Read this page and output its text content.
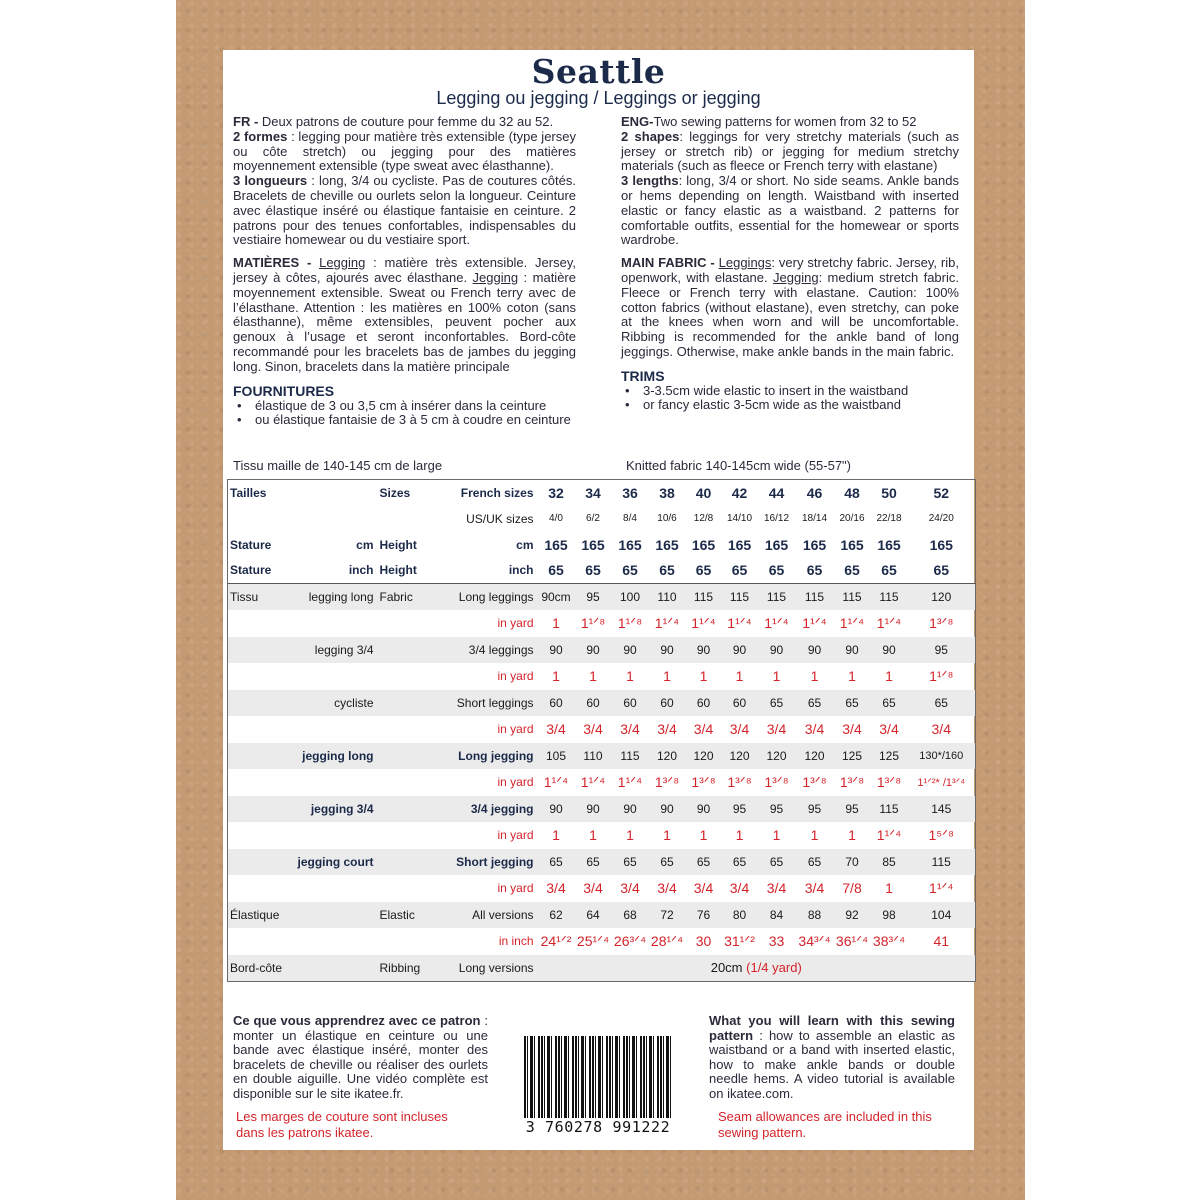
Seattle
Legging ou jegging / Leggings or jegging

FR - Deux patrons de couture pour femme du 32 au 52.
2 formes : legging pour matière très extensible (type jersey ou côte stretch) ou jegging pour des matières moyennement extensible (type sweat avec élasthanne).
3 longueurs : long, 3/4 ou cycliste. Pas de coutures côtés. Bracelets de cheville ou ourlets selon la longueur. Ceinture avec élastique inséré ou élastique fantaisie en ceinture. 2 patrons pour des tenues confortables, indispensables du vestiaire homewear ou du vestiaire sport.

MATIÈRES - Legging : matière très extensible. Jersey, jersey à côtes, ajourés avec élasthane. Jegging : matière moyennement extensible. Sweat ou French terry avec de l’élasthane. Attention : les matières en 100% coton (sans élasthanne), même extensibles, peuvent pocher aux genoux à l’usage et seront inconfortables. Bord-côte recommandé pour les bracelets bas de jambes du jegging long. Sinon, bracelets dans la matière principale

FOURNITURES
• élastique de 3 ou 3,5 cm à insérer dans la ceinture
• ou élastique fantaisie de 3 à 5 cm à coudre en ceinture

ENG-Two sewing patterns for women from 32 to 52
2 shapes: leggings for very stretchy materials (such as jersey or stretch rib) or jegging for medium stretchy materials (such as fleece or French terry with elastane)
3 lengths: long, 3/4 or short. No side seams. Ankle bands or hems depending on length. Waistband with inserted elastic or fancy elastic as a waistband. 2 patterns for comfortable outfits, essential for the homewear or sports wardrobe.

MAIN FABRIC - Leggings: very stretchy fabric. Jersey, rib, openwork, with elastane. Jegging: medium stretch fabric. Fleece or French terry with elastane. Caution: 100% cotton fabrics (without elastane), even stretchy, can poke at the knees when worn and will be uncomfortable. Ribbing is recommended for the ankle band of long jeggings. Otherwise, make ankle bands in the main fabric.

TRIMS
• 3-3.5cm wide elastic to insert in the waistband
• or fancy elastic 3-5cm wide as the waistband
Tissu maille de 140-145 cm de large	Knitted fabric 140-145cm wide (55-57")
Tailles		Sizes	French sizes	32	34	36	38	40	42	44	46	48	50	52
			US/UK sizes	4/0	6/2	8/4	10/6	12/8	14/10	16/12	18/14	20/16	22/18	24/20
Stature	cm	Height	cm	165	165	165	165	165	165	165	165	165	165	165
Stature	inch	Height	inch	65	65	65	65	65	65	65	65	65	65	65
Tissu	legging long	Fabric	Long leggings	90cm	95	100	110	115	115	115	115	115	115	120
			in yard	1	1¹ᐟ⁸	1¹ᐟ⁸	1¹ᐟ⁴	1¹ᐟ⁴	1¹ᐟ⁴	1¹ᐟ⁴	1¹ᐟ⁴	1¹ᐟ⁴	1¹ᐟ⁴	1³ᐟ⁸
	legging 3/4		3/4 leggings	90	90	90	90	90	90	90	90	90	90	95
			in yard	1	1	1	1	1	1	1	1	1	1	1¹ᐟ⁸
	cycliste		Short leggings	60	60	60	60	60	60	65	65	65	65	65
			in yard	3/4	3/4	3/4	3/4	3/4	3/4	3/4	3/4	3/4	3/4	3/4
	jegging long		Long jegging	105	110	115	120	120	120	120	120	125	125	130*/160
			in yard	1¹ᐟ⁴	1¹ᐟ⁴	1¹ᐟ⁴	1³ᐟ⁸	1³ᐟ⁸	1³ᐟ⁸	1³ᐟ⁸	1³ᐟ⁸	1³ᐟ⁸	1³ᐟ⁸	1¹ᐟ²* /1³ᐟ⁴
	jegging 3/4		3/4 jegging	90	90	90	90	90	95	95	95	95	115	145
			in yard	1	1	1	1	1	1	1	1	1	1¹ᐟ⁴	1⁵ᐟ⁸
	jegging court		Short jegging	65	65	65	65	65	65	65	65	70	85	115
			in yard	3/4	3/4	3/4	3/4	3/4	3/4	3/4	3/4	7/8	1	1¹ᐟ⁴
Élastique		Elastic	All versions	62	64	68	72	76	80	84	88	92	98	104
			in inch	24¹ᐟ²	25¹ᐟ⁴	26³ᐟ⁴	28¹ᐟ⁴	30	31¹ᐟ²	33	34³ᐟ⁴	36¹ᐟ⁴	38³ᐟ⁴	41
Bord-côte		Ribbing	Long versions	20cm (1/4 yard)										
Ce que vous apprendrez avec ce patron : monter un élastique en ceinture ou une bande avec élastique inséré, monter des bracelets de cheville ou réaliser des ourlets en double aiguille. Une vidéo complète est disponible sur le site ikatee.fr.
Les marges de couture sont incluses dans les patrons ikatee.	3 760278 991222
What you will learn with this sewing pattern : how to assemble an elastic as waistband or a band with inserted elastic, how to make ankle bands or double needle hems. A video tutorial is available on ikatee.com.
Seam allowances are included in this sewing pattern.
